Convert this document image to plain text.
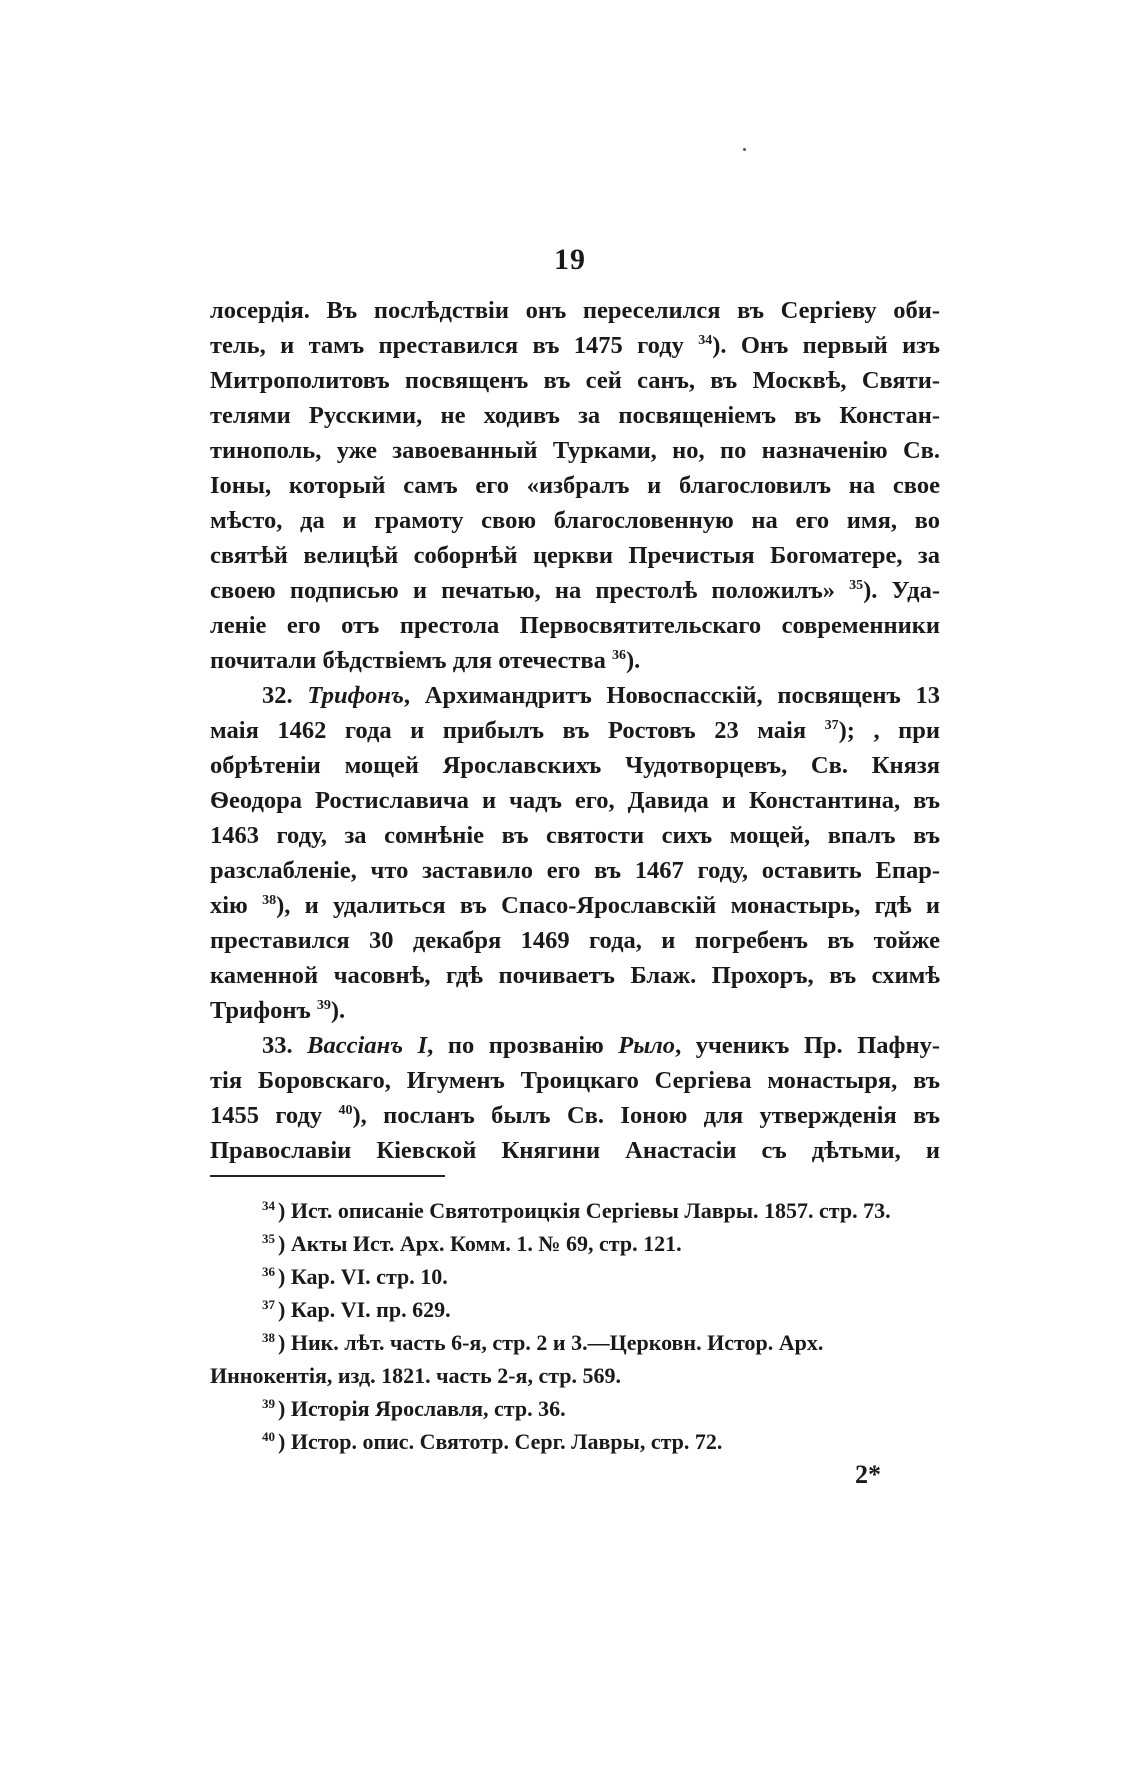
19
лосердія. Въ послѣдствіи онъ переселился въ Сергіеву оби-
тель, и тамъ преставился въ 1475 году $^{34}$). Онъ первый изъ
Митрополитовъ посвященъ въ сей санъ, въ Москвѣ, Святи-
телями Русскими, не ходивъ за посвященіемъ въ Констан-
тинополь, уже завоеванный Турками, но, по назначенію Св.
Іоны, который самъ его «избралъ и благословилъ на свое
мѣсто, да и грамоту свою благословенную на его имя, во
святѣй велицѣй соборнѣй церкви Пречистыя Богоматере, за
своею подписью и печатью, на престолѣ положилъ» $^{35}$). Уда-
леніе его отъ престола Первосвятительскаго современники
почитали бѣдствіемъ для отечества $^{36}$).
32. Трифонъ, Архимандритъ Новоспасскій, посвященъ 13
маія 1462 года и прибылъ въ Ростовъ 23 маія $^{37}$); , при
обрѣтеніи мощей Ярославскихъ Чудотворцевъ, Св. Князя
Ѳеодора Ростиславича и чадъ его, Давида и Константина, въ
1463 году, за сомнѣніе въ святости сихъ мощей, впалъ въ
разслабленіе, что заставило его въ 1467 году, оставить Епар-
хію $^{38}$), и удалиться въ Спасо-Ярославскій монастырь, гдѣ и
преставился 30 декабря 1469 года, и погребенъ въ тойже
каменной часовнѣ, гдѣ почиваетъ Блаж. Прохоръ, въ схимѣ
Трифонъ $^{39}$).
33. Вассіанъ I, по прозванію Рыло, ученикъ Пр. Пафну-
тія Боровскаго, Игуменъ Троицкаго Сергіева монастыря, въ
1455 году $^{40}$), посланъ былъ Св. Іоною для утвержденія въ
Православіи Кіевской Княгини Анастасіи съ дѣтьми, и
$^{34}$ ) Ист. описаніе Святотроицкія Сергіевы Лавры. 1857. стр. 73.
$^{35}$ ) Акты Ист. Арх. Комм. 1. № 69, стр. 121.
$^{36}$ ) Кар. VI. стр. 10.
$^{37}$ ) Кар. VI. пр. 629.
$^{38}$ ) Ник. лѣт. часть 6-я, стр. 2 и 3.—Церковн. Истор. Арх.
Иннокентія, изд. 1821. часть 2-я, стр. 569.
$^{39}$ ) Исторія Ярославля, стр. 36.
$^{40}$ ) Истор. опис. Святотр. Серг. Лавры, стр. 72.
2*
